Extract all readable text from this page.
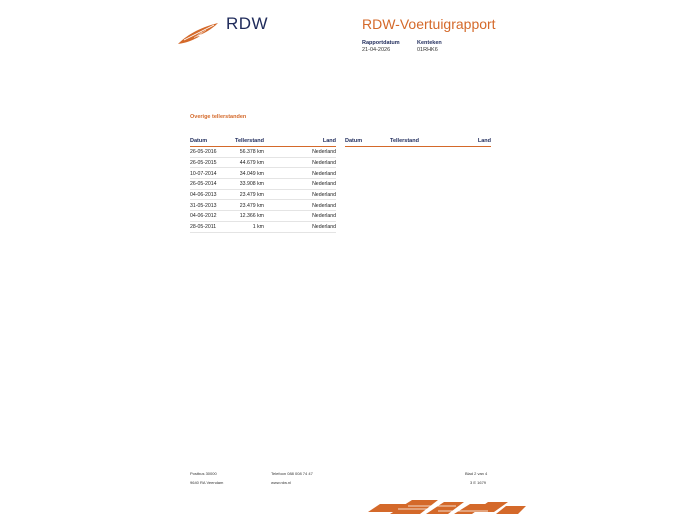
RDW	RDW-Voertuigrapport
Rapportdatum
21-04-2026
Kenteken
01RHK6
Overige tellerstanden
Datum	Tellerstand	Land
26-05-2016	56.378 km	Nederland
26-05-2015	44.679 km	Nederland
10-07-2014	34.049 km	Nederland
26-05-2014	33.908 km	Nederland
04-06-2013	23.479 km	Nederland
31-05-2013	23.479 km	Nederland
04-06-2012	12.366 km	Nederland
28-05-2011	1 km	Nederland
Datum	Tellerstand	Land
Postbus 30000
9640 RA Veendam
Telefoon 088 008 74 47
www.rdw.nl
Blad 2 van 4
3 E 1679
